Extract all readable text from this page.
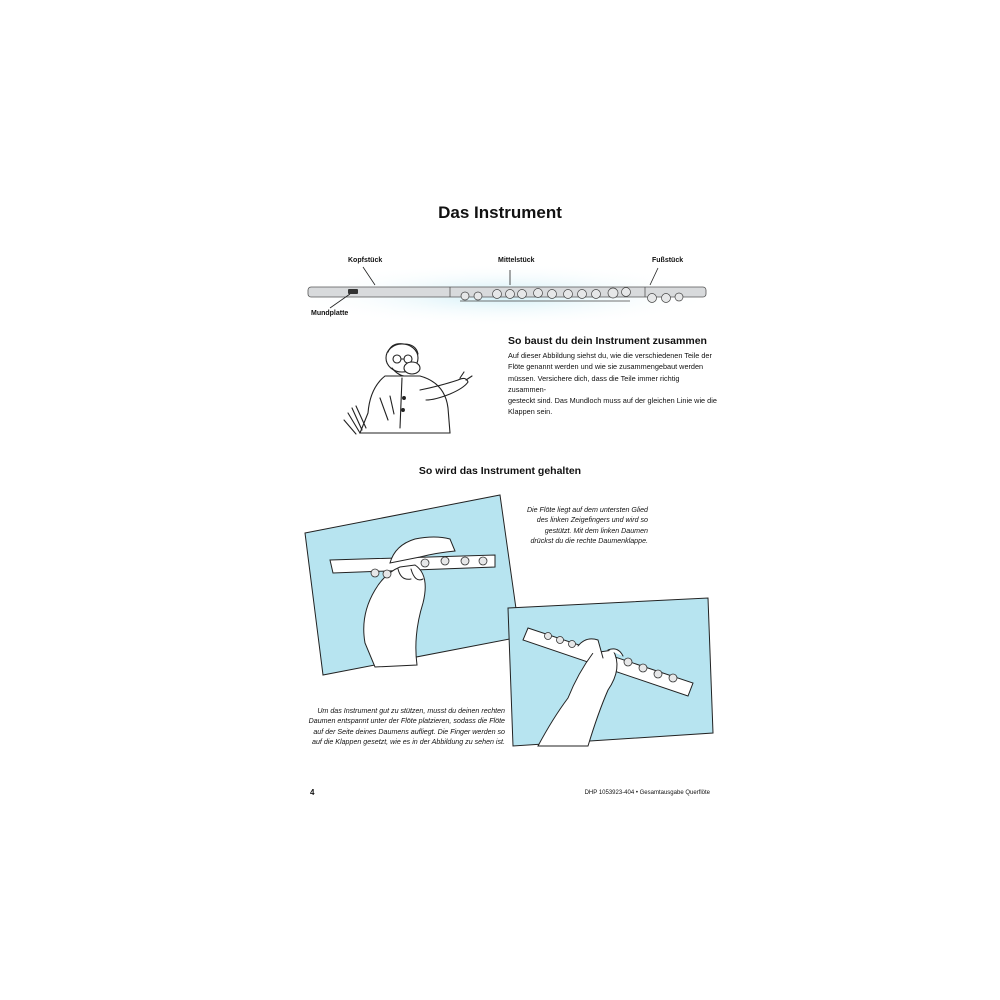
Das Instrument
Kopfstück	Mittelstück	Fußstück
Mundplatte
So baust du dein Instrument zusammen
Auf dieser Abbildung siehst du, wie die verschiedenen Teile der
Flöte genannt werden und wie sie zusammengebaut werden
müssen. Versichere dich, dass die Teile immer richtig zusammen-
gesteckt sind. Das Mundloch muss auf der gleichen Linie wie die
Klappen sein.
So wird das Instrument gehalten
Die Flöte liegt auf dem untersten Glied
des linken Zeigefingers und wird so
gestützt. Mit dem linken Daumen
drückst du die rechte Daumenklappe.
Um das Instrument gut zu stützen, musst du deinen rechten
Daumen entspannt unter der Flöte platzieren, sodass die Flöte
auf der Seite deines Daumens aufliegt. Die Finger werden so
auf die Klappen gesetzt, wie es in der Abbildung zu sehen ist.
4	DHP 1053923-404 • Gesamtausgabe Querflöte
